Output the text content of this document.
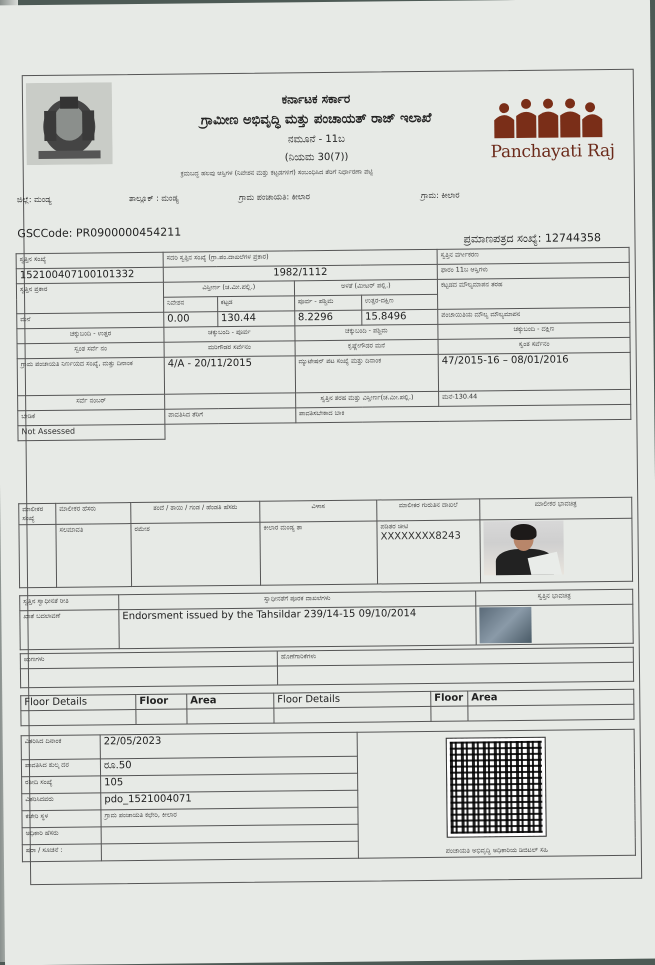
Panchayati Raj
ಕರ್ನಾಟಕ ಸರ್ಕಾರ
ಗ್ರಾಮೀಣ ಅಭಿವೃದ್ಧಿ ಮತ್ತು ಪಂಚಾಯತ್ ರಾಜ್ ಇಲಾಖೆ
ನಮೂನೆ - 11ಬ
(ನಿಯಮ 30(7))
ಕ್ರಮಬದ್ಧ ಹಲವು ಆಸ್ತಿಗಳ (ನಿವೇಶನ ಮತ್ತು ಕಟ್ಟಡಗಳಿಗೆ) ಸಂಬಂಧಿಸಿದ ತೆರಿಗೆ ನಿರ್ಧಾರಣಾ ಪಟ್ಟಿ
ಜಿಲ್ಲೆ: ಮಂಡ್ಯ	ತಾಲ್ಲೂಕ್ : ಮಂಡ್ಯ	ಗ್ರಾಮ ಪಂಚಾಯತಿ: ಕೀಲಾರ	ಗ್ರಾಮ: ಕೀಲಾರ
GSCCode: PR0900000454211	ಪ್ರಮಾಣಪತ್ರದ ಸಂಖ್ಯೆ: 12744358
ಸ್ವತ್ತಿನ ಸಂಖ್ಯೆ	ಸದರಿ ಸ್ವತ್ತಿನ ಸಂಖ್ಯೆ (ಗ್ರಾ.ಪಂ.ದಾಖಲೆಗಳ ಪ್ರಕಾರ)				ಸ್ವತ್ತಿನ ವರ್ಗೀಕರಣ
152100407100101332	1982/1112				ಫಾರಂ 11ಬ ಆಸ್ತಿಗಳು
ಸ್ವತ್ತಿನ ಪ್ರಕಾರ	ವಿಸ್ತೀರ್ಣ (ಚ.ಮೀ.ಪಲ್ಲಿ.)		ಅಳತೆ (ಮೀಟರ್ ಪಲ್ಲಿ.)		ಕಟ್ಟಡದ ಮೌಲ್ಯಮಾಪನ ತರಹ
	ನಿವೇಶನ	ಕಟ್ಟಡ	ಪೂರ್ವ - ಪಶ್ಚಿಮ	ಉತ್ತರ-ದಕ್ಷಿಣ	
ಮನೆ	0.00	130.44	8.2296	15.8496	ಪಂಚಾಯಿತಿಯ ಮೌಲ್ಯ ಮೌಲ್ಯಮಾಪನ
ಚಕ್ಕುಬಂದಿ - ಉತ್ತರ	ಚಕ್ಕುಬಂದಿ - ಪೂರ್ವ		ಚಕ್ಕುಬಂದಿ - ಪಶ್ಚಿಮ		ಚಕ್ಕುಬಂದಿ - ದಕ್ಷಿಣ
ಸ್ವಂತ ಸರ್ವೆ ನಂ	ಮರಿಗೌಡರ ಸರ್ವೆನಂ		ಕೃಷ್ಣೇಗೌಡರ ಮನೆ		ಸ್ವಂತ ಸರ್ವೆನಂ
ಗ್ರಾಮ ಪಂಚಾಯತಿ ನಿರ್ಣಯದ ಸಂಖ್ಯೆ, ಮತ್ತು ದಿನಾಂಕ	4/A - 20/11/2015		ಮ್ಯುಟೇಷನ್ ಪಟ ಸಂಖ್ಯೆ ಮತ್ತು ದಿನಾಂಕ		47/2015-16 – 08/01/2016
ಸರ್ವೆ ನಂಬರ್			ಸ್ವತ್ತಿನ ತರಹ ಮತ್ತು ವಿಸ್ತೀರ್ಣ(ಚ.ಮೀ.ಪಲ್ಲಿ.)		ಮನೆ-130.44
ಬೇಡಿಕೆ	ಪಾವತಿಸಿದ ತೆರಿಗೆ		ಪಾವತಿಸಬೇಕಾದ ಬಾಕಿ		
Not Assessed					
ಮಾಲೀಕರ ಸಂಖ್ಯೆ	ಮಾಲೀಕರ ಹೆಸರು	ತಂದೆ / ತಾಯಿ / ಗಂಡ / ಹೆಂಡತಿ ಹೆಸರು	ವಿಳಾಸ	ಮಾಲೀಕರ ಗುರುತಿನ ದಾಖಲೆ	ಮಾಲೀಕರ ಭಾವಚಿತ್ರ
	ಸಲಮಾವತಿ	ರಮೇಶ	ಕೀಲಾರ ಮಂಡ್ಯ ತಾ	ಪಡಿತರ ಚೀಟಿ
XXXXXXXX8243	

ಸ್ವತ್ತಿನ ಸ್ವಾಧೀನತೆ ರೀತಿ	ಸ್ವಾಧೀನತೆಗೆ ಪೂರಕ ದಾಖಲೆಗಳು	ಸ್ವತ್ತಿನ ಭಾವಚಿತ್ರ
ಖಾತೆ ಬದಲಾವಣೆ	Endorsment issued by the Tahsildar 239/14-15 09/10/2014	
ಋಣಗಳು	ಹೊಣೆಗಾರಿಕೆಗಳು

Floor Details	Floor	Area	Floor Details	Floor	Area

ವಿತರಿಸಿದ ದಿನಾಂಕ	22/05/2023	ಪಂಚಾಯತಿ ಅಭಿವೃದ್ಧಿ ಅಧಿಕಾರಿಯ ಡಿಜಿಟಲ್ ಸಹಿ

ಪಾವತಿಸಿದ ಶುಲ್ಕ ದರ	ರೂ.50	
ರಶೀದಿ ಸಂಖ್ಯೆ	105	
ವಿತರಿಸಿದವರು	pdo_1521004071	
ಕಚೇರಿ ಸ್ಥಳ	ಗ್ರಾಮ ಪಂಚಾಯತಿ ಕಛೇರಿ, ಕೀಲಾರ	
ಅಧಿಕಾರಿ ಹೆಸರು		
ಷರಾ / ಸೂಚನೆ :		
